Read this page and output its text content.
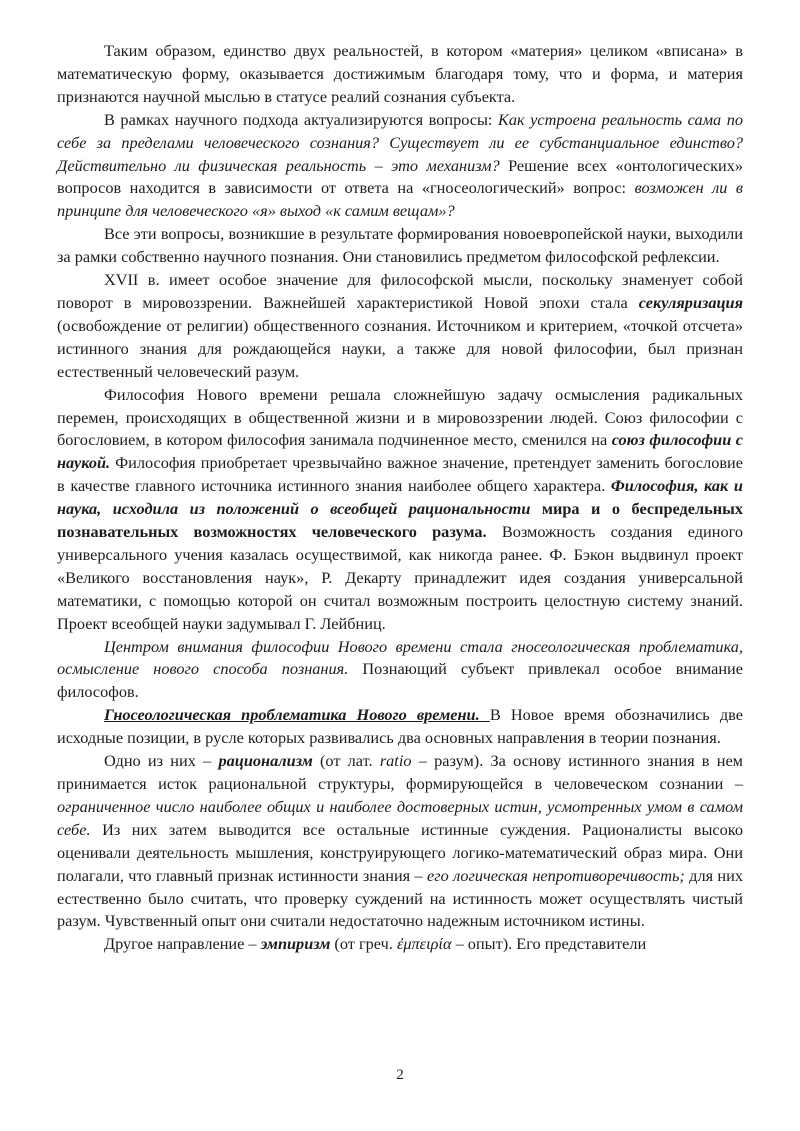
Таким образом, единство двух реальностей, в котором «материя» целиком «вписана» в математическую форму, оказывается достижимым благодаря тому, что и форма, и материя признаются научной мыслью в статусе реалий сознания субъекта.

В рамках научного подхода актуализируются вопросы: Как устроена реальность сама по себе за пределами человеческого сознания? Существует ли ее субстанциальное единство? Действительно ли физическая реальность – это механизм? Решение всех «онтологических» вопросов находится в зависимости от ответа на «гносеологический» вопрос: возможен ли в принципе для человеческого «я» выход «к самим вещам»?

Все эти вопросы, возникшие в результате формирования новоевропейской науки, выходили за рамки собственно научного познания. Они становились предметом философской рефлексии.

XVII в. имеет особое значение для философской мысли, поскольку знаменует собой поворот в мировоззрении. Важнейшей характеристикой Новой эпохи стала секуляризация (освобождение от религии) общественного сознания. Источником и критерием, «точкой отсчета» истинного знания для рождающейся науки, а также для новой философии, был признан естественный человеческий разум.

Философия Нового времени решала сложнейшую задачу осмысления радикальных перемен, происходящих в общественной жизни и в мировоззрении людей. Союз философии с богословием, в котором философия занимала подчиненное место, сменился на союз философии с наукой. Философия приобретает чрезвычайно важное значение, претендует заменить богословие в качестве главного источника истинного знания наиболее общего характера. Философия, как и наука, исходила из положений о всеобщей рациональности мира и о беспредельных познавательных возможностях человеческого разума. Возможность создания единого универсального учения казалась осуществимой, как никогда ранее. Ф. Бэкон выдвинул проект «Великого восстановления наук», Р. Декарту принадлежит идея создания универсальной математики, с помощью которой он считал возможным построить целостную систему знаний. Проект всеобщей науки задумывал Г. Лейбниц.

Центром внимания философии Нового времени стала гносеологическая проблематика, осмысление нового способа познания. Познающий субъект привлекал особое внимание философов.

Гносеологическая проблематика Нового времени. В Новое время обозначились две исходные позиции, в русле которых развивались два основных направления в теории познания.

Одно из них – рационализм (от лат. ratio – разум). За основу истинного знания в нем принимается исток рациональной структуры, формирующейся в человеческом сознании – ограниченное число наиболее общих и наиболее достоверных истин, усмотренных умом в самом себе. Из них затем выводится все остальные истинные суждения. Рационалисты высоко оценивали деятельность мышления, конструирующего логико-математический образ мира. Они полагали, что главный признак истинности знания – его логическая непротиворечивость; для них естественно было считать, что проверку суждений на истинность может осуществлять чистый разум. Чувственный опыт они считали недостаточно надежным источником истины.

Другое направление – эмпиризм (от греч. ἐμπειρία – опыт). Его представители

2
